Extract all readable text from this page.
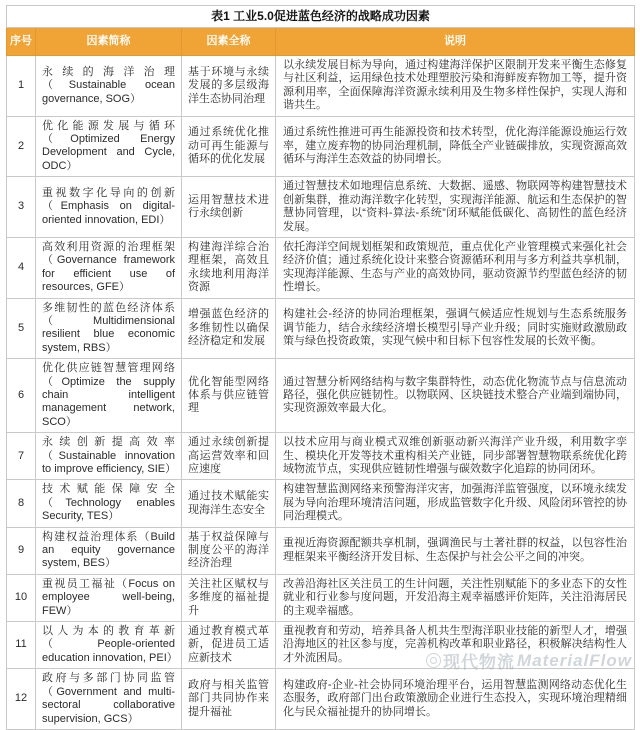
表1 工业5.0促进蓝色经济的战略成功因素			
序号	因素简称	因素全称	说明
1	永续的海洋治理（Sustainable ocean governance, SOG）	基于环境与永续发展的多层级海洋生态协同治理	以永续发展目标为导向，通过构建海洋保护区限制开发来平衡生态修复与社区利益，运用绿色技术处理塑胶污染和海鲜废弃物加工等，提升资源利用率，全面保障海洋资源永续利用及生物多样性保护，实现人海和谐共生。
2	优化能源发展与循环（Optimized Energy Development and Cycle, ODC）	通过系统优化推动可再生能源与循环的优化发展	通过系统性推进可再生能源投资和技术转型，优化海洋能源设施运行效率，建立废弃物的协同治理机制，降低全产业链碳排放，实现资源高效循环与海洋生态效益的协同增长。
3	重视数字化导向的创新（Emphasis on digital-oriented innovation, EDI）	运用智慧技术进行永续创新	通过智慧技术如地理信息系统、大数据、遥感、物联网等构建智慧技术创新集群，推动海洋数字化转型，实现海洋能源、航运和生态保护的智慧协同管理，以“资料-算法-系统”闭环赋能低碳化、高韧性的蓝色经济发展。
4	高效利用资源的治理框架（Governance framework for efficient use of resources, GFE）	构建海洋综合治理框架，高效且永续地利用海洋资源	依托海洋空间规划框架和政策规范，重点优化产业管理模式来强化社会经济价值；通过系统化设计来整合资源循环利用与多方利益共享机制，实现海洋能源、生态与产业的高效协同，驱动资源节约型蓝色经济的韧性增长。
5	多维韧性的蓝色经济体系（Multidimensional resilient blue economic system, RBS）	增强蓝色经济的多维韧性以确保经济稳定和发展	构建社会-经济的协同治理框架，强调气候适应性规划与生态系统服务调节能力，结合永续经济增长模型引导产业升级；同时实施财政激励政策与绿色投资政策，实现气候中和目标下包容性发展的长效平衡。
6	优化供应链智慧管理网络（Optimize the supply chain intelligent management network, SCO）	优化智能型网络体系与供应链管理	通过智慧分析网络结构与数字集群特性，动态优化物流节点与信息流动路径，强化供应链韧性。以物联网、区块链技术整合产业端到端协同，实现资源效率最大化。
7	永续创新提高效率（Sustainable innovation to improve efficiency, SIE）	通过永续创新提高运营效率和回应速度	以技术应用与商业模式双维创新驱动新兴海洋产业升级，利用数字孪生、模块化开发等技术重构相关产业链，同步部署智慧物联系统优化跨域物流节点，实现供应链韧性增强与碳效数字化追踪的协同闭环。
8	技术赋能保障安全（Technology enables Security, TES）	通过技术赋能实现海洋生态安全	构建智慧监测网络来预警海洋灾害，加强海洋监管强度，以环境永续发展为导向治理环境清洁问题，形成监管数字化升级、风险闭环管控的协同治理模式。
9	构建权益治理体系（Build an equity governance system, BES）	基于权益保障与制度公平的海洋经济治理	重视近海资源配额共享机制，强调渔民与土著社群的权益，以包容性治理框架来平衡经济开发目标、生态保护与社会公平之间的冲突。
10	重视员工福祉（Focus on employee well-being, FEW）	关注社区赋权与多维度的福祉提升	改善沿海社区关注员工的生计问题，关注性别赋能下的多业态下的女性就业和行业参与度问题，开发沿海主观幸福感评价矩阵，关注沿海居民的主观幸福感。
11	以人为本的教育革新（People-oriented education innovation, PEI）	通过教育模式革新，促进员工适应新技术	重视教育和劳动，培养具备人机共生型海洋职业技能的新型人才，增强沿海地区的社区参与度，完善机构改革和职业路径，积极解决结构性人才外流困局。
12	政府与多部门协同监管（Government and multi-sectoral collaborative supervision, GCS）	政府与相关监管部门共同协作来提升福祉	构建政府-企业-社会协同环境治理平台，运用智慧监测网络动态优化生态服务，政府部门出台政策激励企业进行生态投入，实现环境治理精细化与民众福祉提升的协同增长。
现代物流 MaterialFlow
